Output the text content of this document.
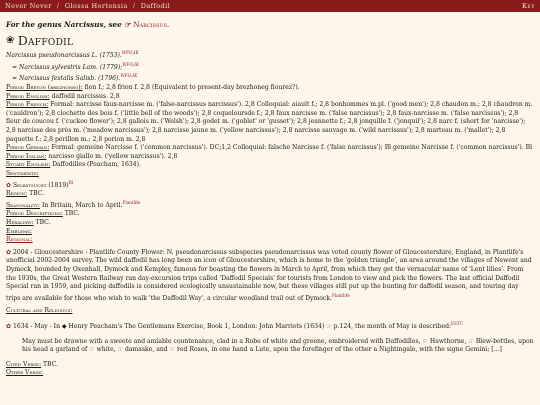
Never Never / Glossa Hortensia / Daffodil	Key
For the genus Narcissus, see ☞ Narcissus.
❀ Daffodil

Narcissus pseudonarcissus L. (1753).$^{WFO;IK}$

= Narcissus sylvestris Lam. (1779);$^{WFO;IK}$

= Narcissus festalis Salisb. (1796).$^{WFO;IK}$

Period Breton (brezhoneg): fion f.; 2,8 frion f. 2,8 (Equivalent to present-day brezhoneg fiourez?).

Period English: daffodil narcissus. 2,8

Period French: Formal: narcisse faux-narcisse m. ('false-narcissus narcissus'). 2,8 Colloquial: aiault f.; 2,8 bonhommes m.pl. ('good men'); 2,8 chaudon m.; 2,8 chaudron m. ('cauldron'); 2,8 clochette des bois f. ('little bell of the woods'); 2,8 coqueloursde f.; 2,8 faux narcisse m. ('false narcissus'); 2,8 faux-narcisse m. ('false narcissus'); 2,8 fleur de coucou f. ('cuckoo flower'); 2,8 gallois m. ('Welsh'); 2,8 godet m. ('goblet' or 'gusset'); 2,8 jeannette f.; 2,8 jonquille f. ('jonquil'); 2,8 narc f. (short for 'narcisse'); 2,8 narcisse des près m. ('meadow narcissus'); 2,8 narcisse jaune m. ('yellow narcissus'); 2,8 narcisse sauvage m. ('wild narcissus'); 2,8 marteau m. ('mallet'); 2,8 paquette f.; 2,8 perillon m.; 2,8 porion m. 2,8

Period German: Formal: gemeine Narcisse f. ('common narcissus'). DC;1,2 Colloquial: falsche Narcisse f. ('false narcissus'); Bl gemeine Narcisse f. ('common narcissus'). Bl

Period Italian: narcisso giallo m. ('yellow narcissus'). 2,8

Stuart English: Daffodilles (Peacham, 1634).

Sentiments:

✿ Selbstsucht $(1819)^{Bl}$

Region: TBC.

Seasonality: In Britain, March to April.$^{Plantlife}$

Period Descriptions: TBC.

Heraldry: TBC.

Emblems:

Regional:

✿ 2004 - Gloucestershire - Plantlife County Flower: N. pseudonarcissus subspecies pseudonarcissus was voted county flower of Gloucestershire, England, in Plantlife's unofficial 2002-2004 survey. The wild daffodil has long been an icon of Gloucestershire, which is home to the 'golden triangle', an area around the villages of Newent and Dymock, bounded by Oxenhall, Dymock and Kempley, famous for boasting the flowers in March to April, from which they get the vernacular name of 'Lent lilies'. From the 1930s, the Great Western Railway ran day-excursion trips called 'Daffodil Specials' for tourists from London to view and pick the flowers. The last official Daffodil Special ran in 1959, and picking daffodils is considered ecologically unsustainable now, but these villages still put up the bunting for daffodil season, and touring day trips are available for those who wish to walk 'the Daffodil Way', a circular woodland trail out of Dymock.$^{Plantlife}$

Cultural and Religious:

✿ 1634 - May - In ◆ Henry Peacham's The Gentlemans Exercise, Book 1, London: John Marriots (1634) ☞ p.124, the month of May is described:$^{ESTC}$

May must be drawne with a sweete and amiable countenance, clad in a Robe of white and greene, embroidered with Daffodilles, ☞ Hawthorne, ☞ Blew-bottles, upon his head a garland of ☞ white, ☞ damaske, and ☞ red Roses, in one hand a Lute, upon the forefinger of the other a Nightingale, with the signe Gemini; [...]

Cited Verse: TBC.

Other Verse:
